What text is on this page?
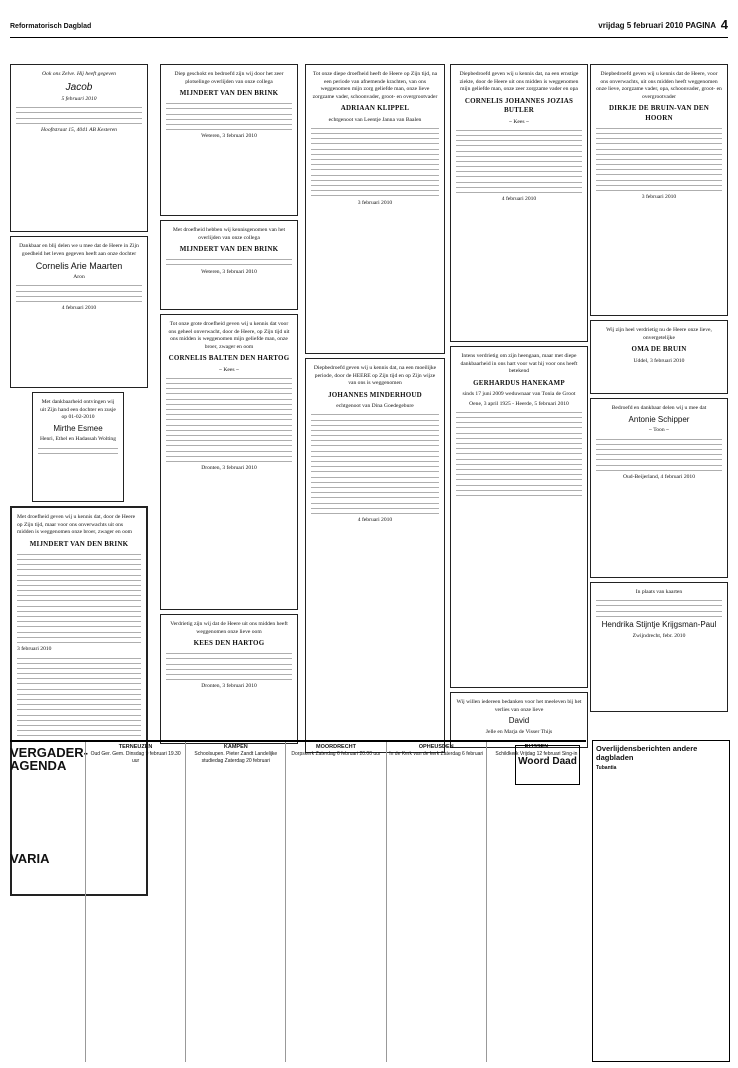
Reformatorisch Dagblad	vrijdag 5 februari 2010 PAGINA 4

Ook ons Zelve. Hij heeft gegeven

Jacob

5 februari 2010

Hooftstraat 15, 4041 AB Kesteren

Dankbaar en blij delen we u mee dat de Heere in Zijn goedheid het leven gegeven heeft aan onze dochter

Cornelis Arie Maarten

Aron

4 februari 2010

Met dankbaarheid ontvingen wij uit Zijn hand een dochter en zusje op 01-02-2010

Mirthe Esmee

Henri, Ethel en Hadassah Wolting

Met droefheid geven wij u kennis dat, door de Heere op Zijn tijd, maar voor ons onverwachts uit ons midden is weggenomen onze broer, zwager en oom

MIJNDERT VAN DEN BRINK

3 februari 2010

Diep geschokt en bedroefd zijn wij door het zeer plotselinge overlijden van onze collega

MIJNDERT VAN DEN BRINK

Weteren, 3 februari 2010

Met droefheid hebben wij kennisgenomen van het overlijden van onze collega

MIJNDERT VAN DEN BRINK

Weteren, 3 februari 2010

Tot onze grote droefheid geven wij u kennis dat voor ons geheel onverwacht, door de Heere, op Zijn tijd uit ons midden is weggenomen mijn geliefde man, onze broer, zwager en oom

CORNELIS BALTEN DEN HARTOG

~ Kees ~

Dronten, 3 februari 2010

Verdrietig zijn wij dat de Heere uit ons midden heeft weggenomen onze lieve oom

KEES DEN HARTOG

Dronten, 3 februari 2010

Tot onze diepe droefheid heeft de Heere op Zijn tijd, na een periode van afnemende krachten, van ons weggenomen mijn zorg geliefde man, onze lieve zorgzame vader, schoonvader, groot- en overgrootvader

ADRIAAN KLIPPEL

echtgenoot van Leentje Janna van Baalen

3 februari 2010

Diepbedroefd geven wij u kennis dat, na een moeilijke periode, door de HEERE op Zijn tijd en op Zijn wijze van ons is weggenomen

JOHANNES MINDERHOUD

echtgenoot van Dina Goedegebure

4 februari 2010

Diepbedroefd geven wij u kennis dat, na een ernstige ziekte, door de Heere uit ons midden is weggenomen mijn geliefde man, onze zeer zorgzame vader en opa

CORNELIS JOHANNES JOZIAS BUTLER

~ Kees ~

4 februari 2010

Intens verdrietig om zijn heengaan, maar met diepe dankbaarheid in ons hart voor wat hij voor ons heeft betekend

GERHARDUS HANEKAMP

sinds 17 juni 2009 weduwnaar van Tonia de Groot

Oene, 3 april 1925 - Heerde, 5 februari 2010

Wij willen iedereen bedanken voor het meeleven bij het verlies van onze lieve

David

Jelle en Marja de Visser Thijs

Diepbedroefd geven wij u kennis dat de Heere, voor ons onverwachts, uit ons midden heeft weggenomen onze lieve, zorgzame vader, opa, schoonvader, groot- en overgrootvader

DIRKJE DE BRUIN-VAN DEN HOORN

3 februari 2010

Wij zijn heel verdrietig nu de Heere onze lieve, onvergetelijke

OMA DE BRUIN

Uddel, 3 februari 2010

Bedroefd en dankbaar delen wij u mee dat

Antonie Schipper

~ Toon ~

Oud-Beijerland, 4 februari 2010

In plaats van kaarten

Hendrika Stijntje Krijgsman-Paul

Zwijndrecht, febr. 2010

VERGADER-AGENDA
VARIA
TERNEUZEN
Oud Ger. Gem. Dinsdag 9 februari 19.30 uur
KAMPEN
Schoolsupen. Pieter Zandt Landelijke studiedag Zaterdag 20 februari
MOORDRECHT
Dorpskerk Zaterdag 6 februari 20.00 uur
OPHEUSDEN
In de Kerk van de kerk Zaterdag 6 februari
RIJSSEN
Schildkerk Vrijdag 12 februari Sing-in
Woord Daad
Overlijdensberichten andere dagbladen
Tubantia
